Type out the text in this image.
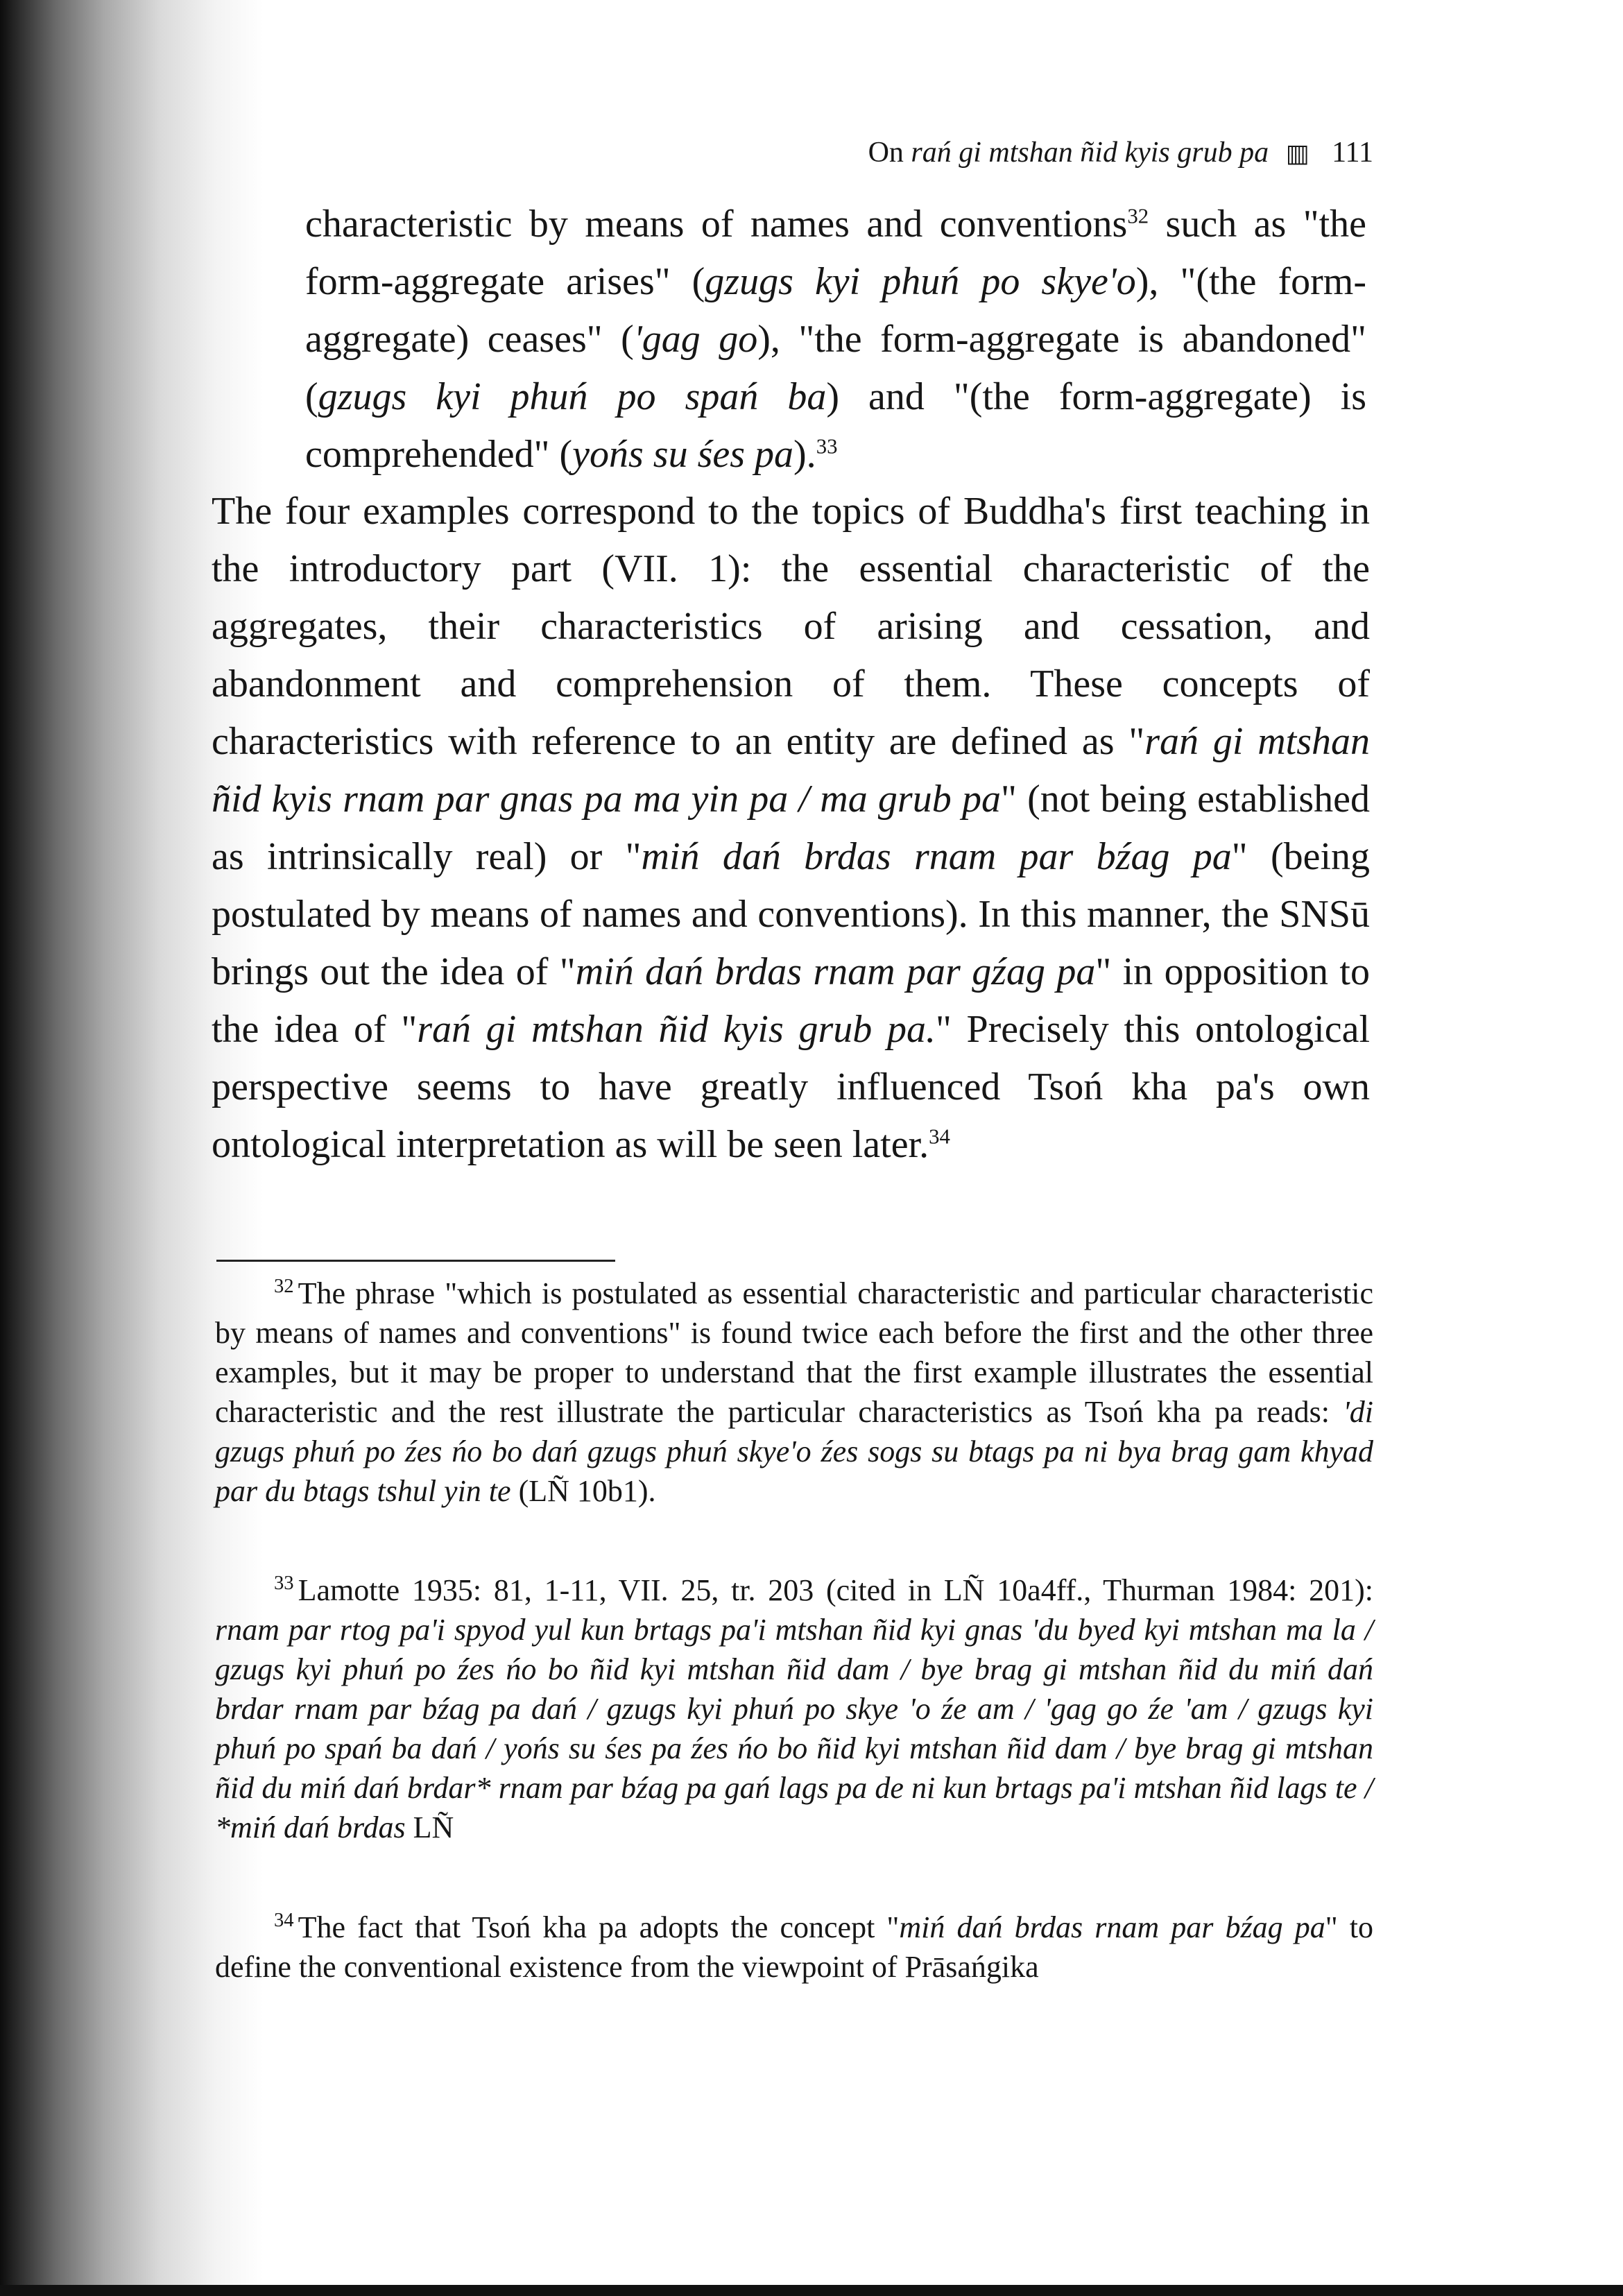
On rań gi mtshan ñid kyis grub pa ▥ 111

characteristic by means of names and conventions$^{32}$ such as "the form-aggregate arises" (gzugs kyi phuń po skye'o), "(the form-aggregate) ceases" ('gag go), "the form-aggregate is abandoned" (gzugs kyi phuń po spań ba) and "(the form-aggregate) is comprehended" (yońs su śes pa).$^{33}$

The four examples correspond to the topics of Buddha's first teaching in the introductory part (VII. 1): the essential characteristic of the aggregates, their characteristics of arising and cessation, and abandonment and comprehension of them. These concepts of characteristics with reference to an entity are defined as "rań gi mtshan ñid kyis rnam par gnas pa ma yin pa / ma grub pa" (not being established as intrinsically real) or "miń dań brdas rnam par bźag pa" (being postulated by means of names and conventions). In this manner, the SNSū brings out the idea of "miń dań brdas rnam par gźag pa" in opposition to the idea of "rań gi mtshan ñid kyis grub pa." Precisely this ontological perspective seems to have greatly influenced Tsoń kha pa's own ontological interpretation as will be seen later.$^{34}$

$^{32}$ The phrase "which is postulated as essential characteristic and particular characteristic by means of names and conventions" is found twice each before the first and the other three examples, but it may be proper to understand that the first example illustrates the essential characteristic and the rest illustrate the particular characteristics as Tsoń kha pa reads: 'di gzugs phuń po źes ńo bo dań gzugs phuń skye'o źes sogs su btags pa ni bya brag gam khyad par du btags tshul yin te (LÑ 10b1).

$^{33}$ Lamotte 1935: 81, 1-11, VII. 25, tr. 203 (cited in LÑ 10a4ff., Thurman 1984: 201): rnam par rtog pa'i spyod yul kun brtags pa'i mtshan ñid kyi gnas 'du byed kyi mtshan ma la / gzugs kyi phuń po źes ńo bo ñid kyi mtshan ñid dam / bye brag gi mtshan ñid du miń dań brdar rnam par bźag pa dań / gzugs kyi phuń po skye 'o źe am / 'gag go źe 'am / gzugs kyi phuń po spań ba dań / yońs su śes pa źes ńo bo ñid kyi mtshan ñid dam / bye brag gi mtshan ñid du miń dań brdar* rnam par bźag pa gań lags pa de ni kun brtags pa'i mtshan ñid lags te / *miń dań brdas LÑ

$^{34}$ The fact that Tsoń kha pa adopts the concept "miń dań brdas rnam par bźag pa" to define the conventional existence from the viewpoint of Prāsańgika
